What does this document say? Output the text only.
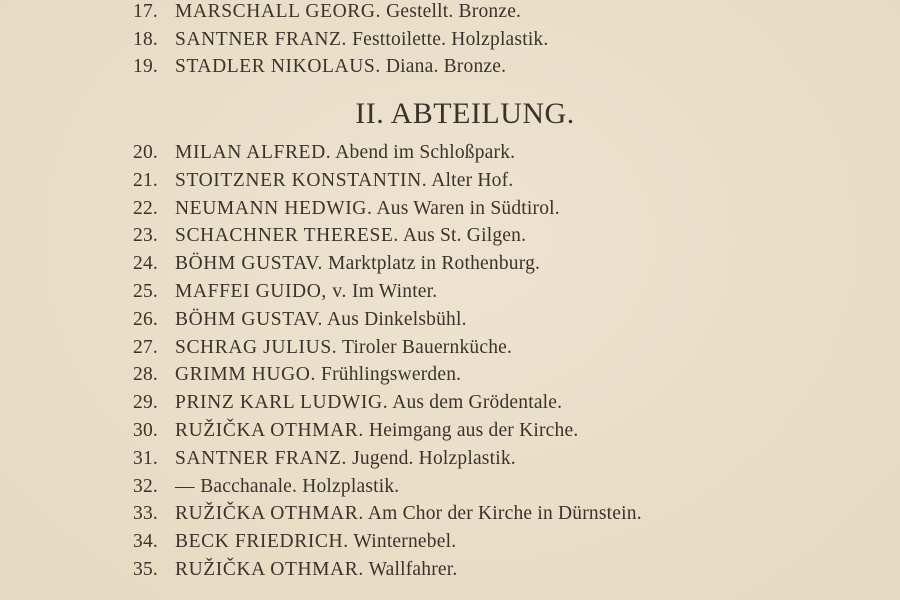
17. MARSCHALL GEORG. Gestellt. Bronze.
18. SANTNER FRANZ. Festtoilette. Holzplastik.
19. STADLER NIKOLAUS. Diana. Bronze.
II. ABTEILUNG.
20. MILAN ALFRED. Abend im Schloßpark.
21. STOITZNER KONSTANTIN. Alter Hof.
22. NEUMANN HEDWIG. Aus Waren in Südtirol.
23. SCHACHNER THERESE. Aus St. Gilgen.
24. BÖHM GUSTAV. Marktplatz in Rothenburg.
25. MAFFEI GUIDO, v. Im Winter.
26. BÖHM GUSTAV. Aus Dinkelsbühl.
27. SCHRAG JULIUS. Tiroler Bauernküche.
28. GRIMM HUGO. Frühlingswerden.
29. PRINZ KARL LUDWIG. Aus dem Grödentale.
30. RUŽIČKA OTHMAR. Heimgang aus der Kirche.
31. SANTNER FRANZ. Jugend. Holzplastik.
32. — Bacchanale. Holzplastik.
33. RUŽIČKA OTHMAR. Am Chor der Kirche in Dürnstein.
34. BECK FRIEDRICH. Winternebel.
35. RUŽIČKA OTHMAR. Wallfahrer.
